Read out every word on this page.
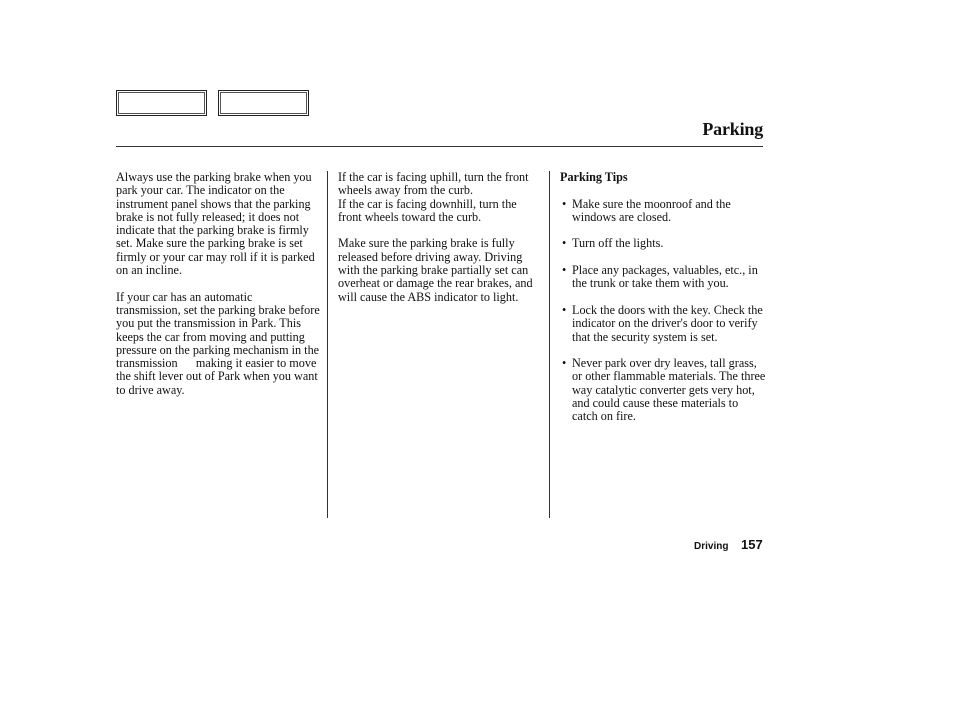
Parking

Always use the parking brake when you park your car. The indicator on the instrument panel shows that the parking brake is not fully released; it does not indicate that the parking brake is firmly set. Make sure the parking brake is set firmly or your car may roll if it is parked on an incline.

If your car has an automatic transmission, set the parking brake before you put the transmission in Park. This keeps the car from moving and putting pressure on the parking mechanism in the transmission      making it easier to move the shift lever out of Park when you want to drive away.

If the car is facing uphill, turn the front wheels away from the curb.

If the car is facing downhill, turn the front wheels toward the curb.

Make sure the parking brake is fully released before driving away. Driving with the parking brake partially set can overheat or damage the rear brakes, and will cause the ABS indicator to light.

Parking Tips

• Make sure the moonroof and the windows are closed.
• Turn off the lights.
• Place any packages, valuables, etc., in the trunk or take them with you.
• Lock the doors with the key. Check the indicator on the driver's door to verify that the security system is set.
• Never park over dry leaves, tall grass, or other flammable materials. The three way catalytic converter gets very hot, and could cause these materials to catch on fire.
Driving 157
